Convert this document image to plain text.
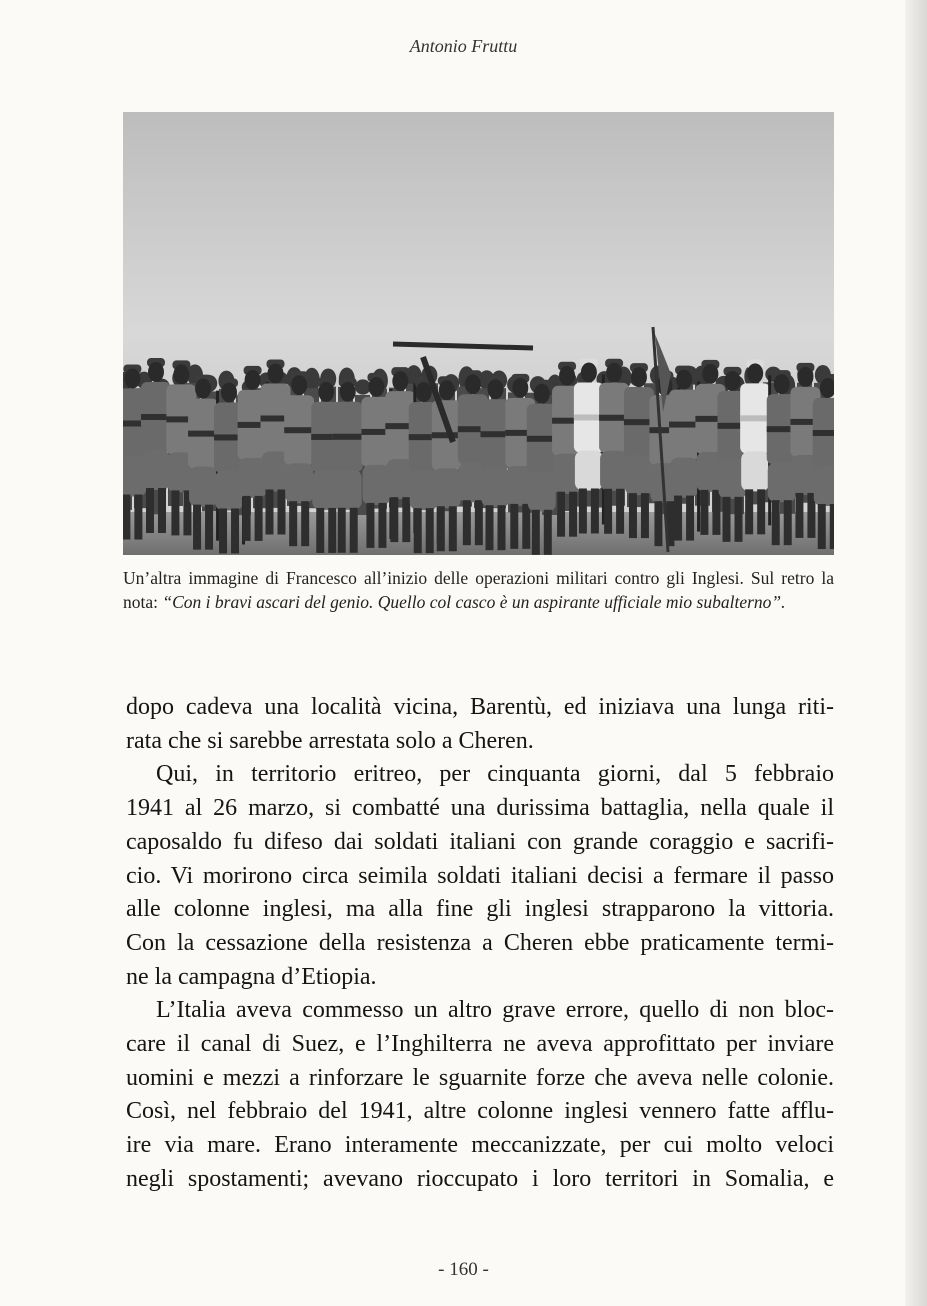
Antonio Fruttu
Un’altra immagine di Francesco all’inizio delle operazioni militari contro gli Inglesi. Sul retro la nota: “Con i bravi ascari del genio. Quello col casco è un aspirante ufficiale mio subalterno”.
dopo cadeva una località vicina, Barentù, ed iniziava una lunga riti-
rata che si sarebbe arrestata solo a Cheren.
Qui, in territorio eritreo, per cinquanta giorni, dal 5 febbraio
1941 al 26 marzo, si combatté una durissima battaglia, nella quale il
caposaldo fu difeso dai soldati italiani con grande coraggio e sacrifi-
cio. Vi morirono circa seimila soldati italiani decisi a fermare il passo
alle colonne inglesi, ma alla fine gli inglesi strapparono la vittoria.
Con la cessazione della resistenza a Cheren ebbe praticamente termi-
ne la campagna d’Etiopia.
L’Italia aveva commesso un altro grave errore, quello di non bloc-
care il canal di Suez, e l’Inghilterra ne aveva approfittato per inviare
uomini e mezzi a rinforzare le sguarnite forze che aveva nelle colonie.
Così, nel febbraio del 1941, altre colonne inglesi vennero fatte afflu-
ire via mare. Erano interamente meccanizzate, per cui molto veloci
negli spostamenti; avevano rioccupato i loro territori in Somalia, e
- 160 -
